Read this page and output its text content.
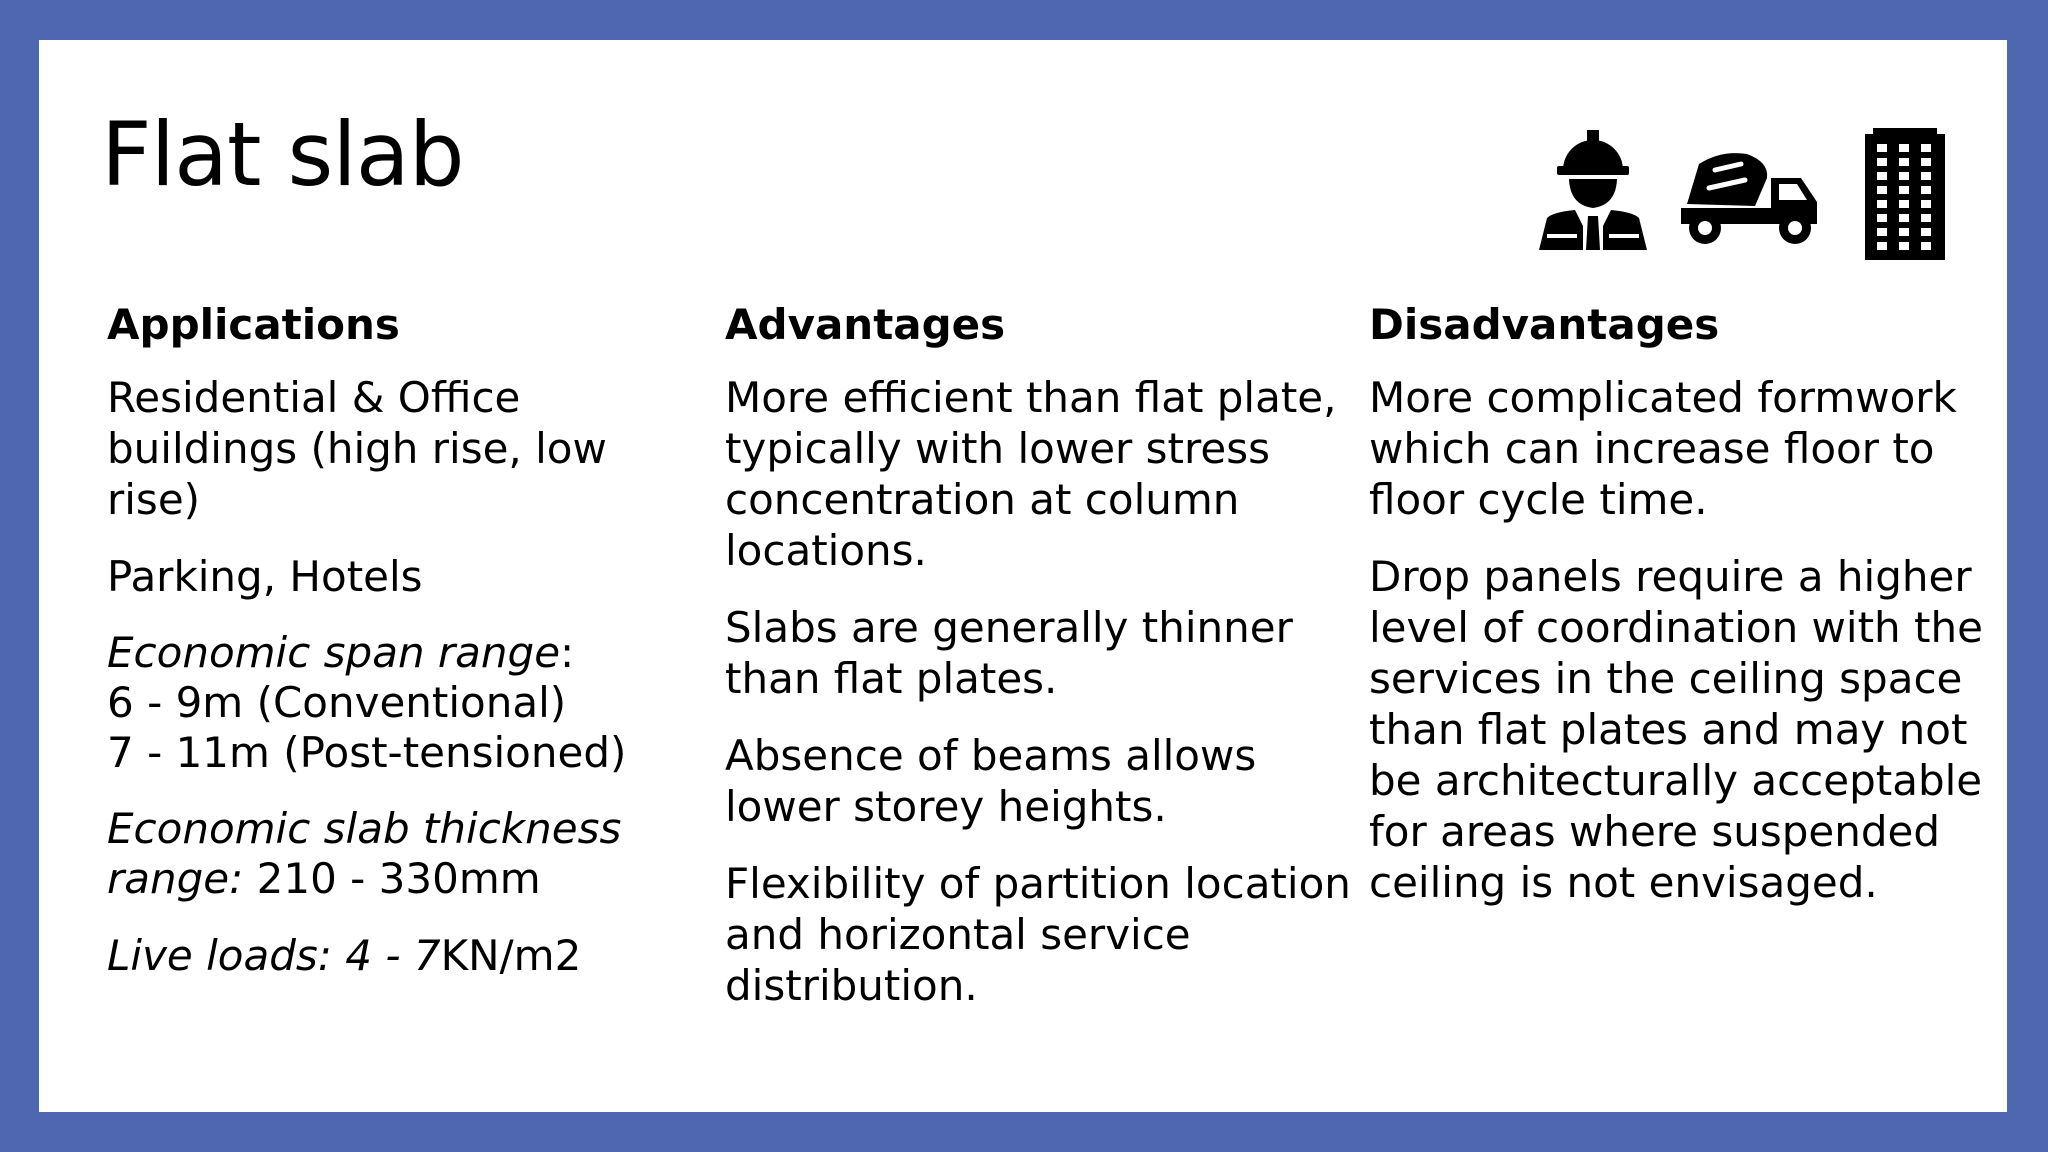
Flat slab
Applications

Residential & Office buildings (high rise, low rise)

Parking, Hotels

Economic span range:
6 - 9m (Conventional)
7 - 11m (Post-tensioned)

Economic slab thickness
range: 210 - 330mm

Live loads: 4 - 7KN/m2

Advantages

More efficient than flat plate, typically with lower stress concentration at column locations.

Slabs are generally thinner than flat plates.

Absence of beams allows lower storey heights.

Flexibility of partition location and horizontal service distribution.

Disadvantages

More complicated formwork which can increase floor to floor cycle time.

Drop panels require a higher level of coordination with the services in the ceiling space than flat plates and may not be architecturally acceptable for areas where suspended ceiling is not envisaged.
